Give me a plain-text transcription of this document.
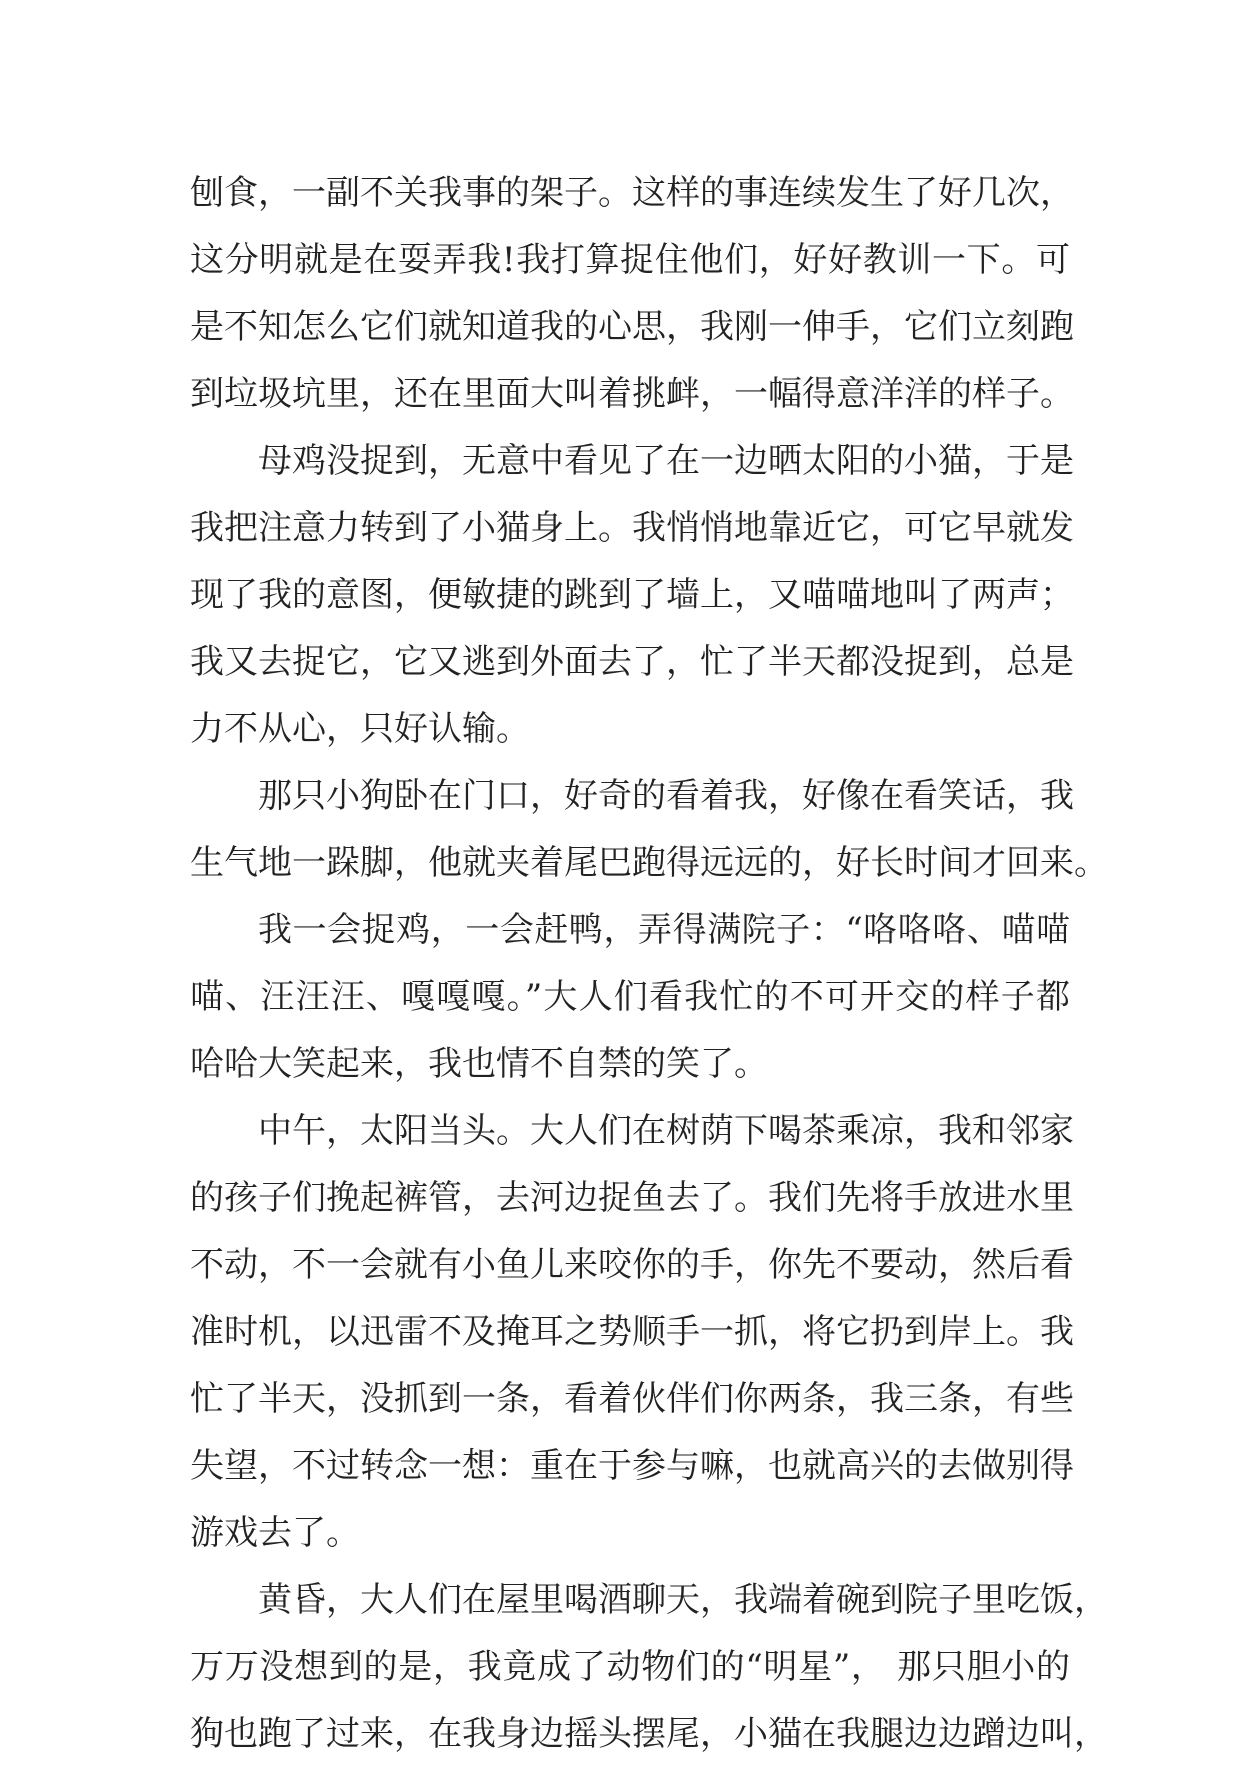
刨食，一副不关我事的架子。这样的事连续发生了好几次，
这分明就是在耍弄我!我打算捉住他们，好好教训一下。可
是不知怎么它们就知道我的心思，我刚一伸手，它们立刻跑
到垃圾坑里，还在里面大叫着挑衅，一幅得意洋洋的样子。
母鸡没捉到，无意中看见了在一边晒太阳的小猫，于是
我把注意力转到了小猫身上。我悄悄地靠近它，可它早就发
现了我的意图，便敏捷的跳到了墙上，又喵喵地叫了两声；
我又去捉它，它又逃到外面去了，忙了半天都没捉到，总是
力不从心，只好认输。
那只小狗卧在门口，好奇的看着我，好像在看笑话，我
生气地一跺脚，他就夹着尾巴跑得远远的，好长时间才回来。
我一会捉鸡，一会赶鸭，弄得满院子：“咯咯咯、喵喵
喵、汪汪汪、嘎嘎嘎。”大人们看我忙的不可开交的样子都
哈哈大笑起来，我也情不自禁的笑了。
中午，太阳当头。大人们在树荫下喝茶乘凉，我和邻家
的孩子们挽起裤管，去河边捉鱼去了。我们先将手放进水里
不动，不一会就有小鱼儿来咬你的手，你先不要动，然后看
准时机，以迅雷不及掩耳之势顺手一抓，将它扔到岸上。我
忙了半天，没抓到一条，看着伙伴们你两条，我三条，有些
失望，不过转念一想：重在于参与嘛，也就高兴的去做别得
游戏去了。
黄昏，大人们在屋里喝酒聊天，我端着碗到院子里吃饭，
万万没想到的是，我竟成了动物们的“明星”， 那只胆小的
狗也跑了过来，在我身边摇头摆尾，小猫在我腿边边蹭边叫，
